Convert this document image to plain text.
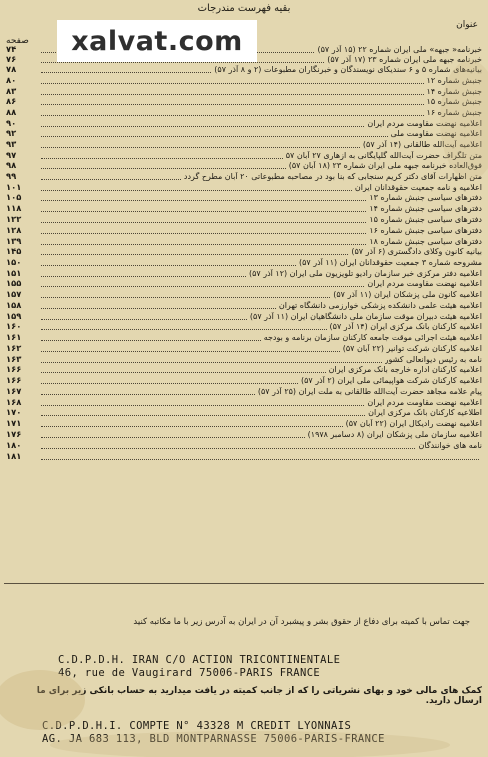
بقیه فهرست مندرجات
عنوان
صفحه
۷۴	خبرنامه« جبهه» ملی ایران شماره ۲۲ (۱۵ آذر ۵۷)
۷۶	خبرنامه جبهه ملی ایران شماره ۲۳ (۱۷ آذر ۵۷)
۷۸	بیانیه‌های شماره ۵ و ۶ سندیکای نویسندگان و خبرنگاران مطبوعات (۲ و ۸ آذر ۵۷)
۸۰	جنبش شماره ۱۲
۸۳	جنبش شماره ۱۴
۸۶	جنبش شماره ۱۵
۸۸	جنبش شماره ۱۶
۹۰	اعلامیه نهضت مقاومت مردم ایران
۹۲	اعلامیه نهضت مقاومت ملی
۹۳	اعلامیه آیت‌الله طالقانی (۱۴ آذر ۵۷)
۹۷	متن تلگراف حضرت آیت‌الله گلپایگانی به ازهاری ۲۷ آبان ۵۷
۹۸	فوق‌العاده خبرنامه جبهه ملی ایران شماره ۲۳ (۱۸ آبان ۵۷)
۹۹	متن اظهارات آقای دکتر کریم سنجابی که بنا بود در مصاحبه مطبوعاتی ۲۰ آبان مطرح گردد
۱۰۱	اعلامیه و نامه جمعیت حقوقدانان ایران
۱۰۵	دفترهای سیاسی جنبش شماره ۱۳
۱۱۸	دفترهای سیاسی جنبش شماره ۱۴
۱۲۲	دفترهای سیاسی جنبش شماره ۱۵
۱۲۸	دفترهای سیاسی جنبش شماره ۱۶
۱۳۹	دفترهای سیاسی جنبش شماره ۱۸
۱۴۵	بیانیه کانون وکلای دادگستری (۶ آذر ۵۷)
۱۵۰	مشروحه شماره ۳ جمعیت حقوقدانان ایران (۱۱ آذر ۵۷)
۱۵۱	اعلامیه دفتر مرکزی خبر سازمان رادیو تلویزیون ملی ایران (۱۲ آذر ۵۷)
۱۵۵	اعلامیه نهضت مقاومت مردم ایران
۱۵۷	اعلامیه کانون ملی پزشکان ایران (۱۱ آذر ۵۷)
۱۵۸	اعلامیه هیئت علمی دانشکده پزشکی خوارزمی دانشگاه تهران
۱۵۹	اعلامیه هیئت دبیران موقت سازمان ملی دانشگاهیان ایران (۱۱ آذر ۵۷)
۱۶۰	اعلامیه کارکنان بانک مرکزی ایران (۱۴ آذر ۵۷)
۱۶۱	اعلامیه هیئت اجرائی موقت جامعه کارکنان سازمان برنامه و بودجه
۱۶۲	اعلامیه کارکنان شرکت توانیر (۲۲ آبان ۵۷)
۱۶۳	نامه به رئیس دیوانعالی کشور
۱۶۶	اعلامیه کارکنان اداره خارجه بانک مرکزی ایران
۱۶۶	اعلامیه کارکنان شرکت هواپیمائی ملی ایران (۲ آذر ۵۷)
۱۶۷	پیام علامه مجاهد حضرت آیت‌الله طالقانی به ملت ایران (۲۵ آذر ۵۷)
۱۶۸	اعلامیه نهضت مقاومت مردم ایران
۱۷۰	اطلاعیه کارکنان بانک مرکزی ایران
۱۷۱	اعلامیه نهضت رادیکال ایران (۲۲ آبان ۵۷)
۱۷۶	اعلامیه سازمان ملی پزشکان ایران (۸ دسامبر ۱۹۷۸)
۱۸۰	نامه های خوانندگان
۱۸۱
xalvat.com
جهت تماس با کمیته برای دفاع از حقوق بشر و پیشبرد آن در ایران به آدرس زیر با ما مکاتبه کنید
C.D.P.D.H. IRAN C/O ACTION TRICONTINENTALE
46, rue de Vaugirard 75006-PARIS FRANCE
کمک های مالی خود و بهای نشریاتی را که از جانب کمیته در یافت میدارید به حساب بانکی زیر برای ما ارسال دارید.
C.D.P.D.H.I. COMPTE N° 43328 M CREDIT LYONNAIS
AG. JA 683 113, BLD MONTPARNASSE 75006-PARIS-FRANCE
